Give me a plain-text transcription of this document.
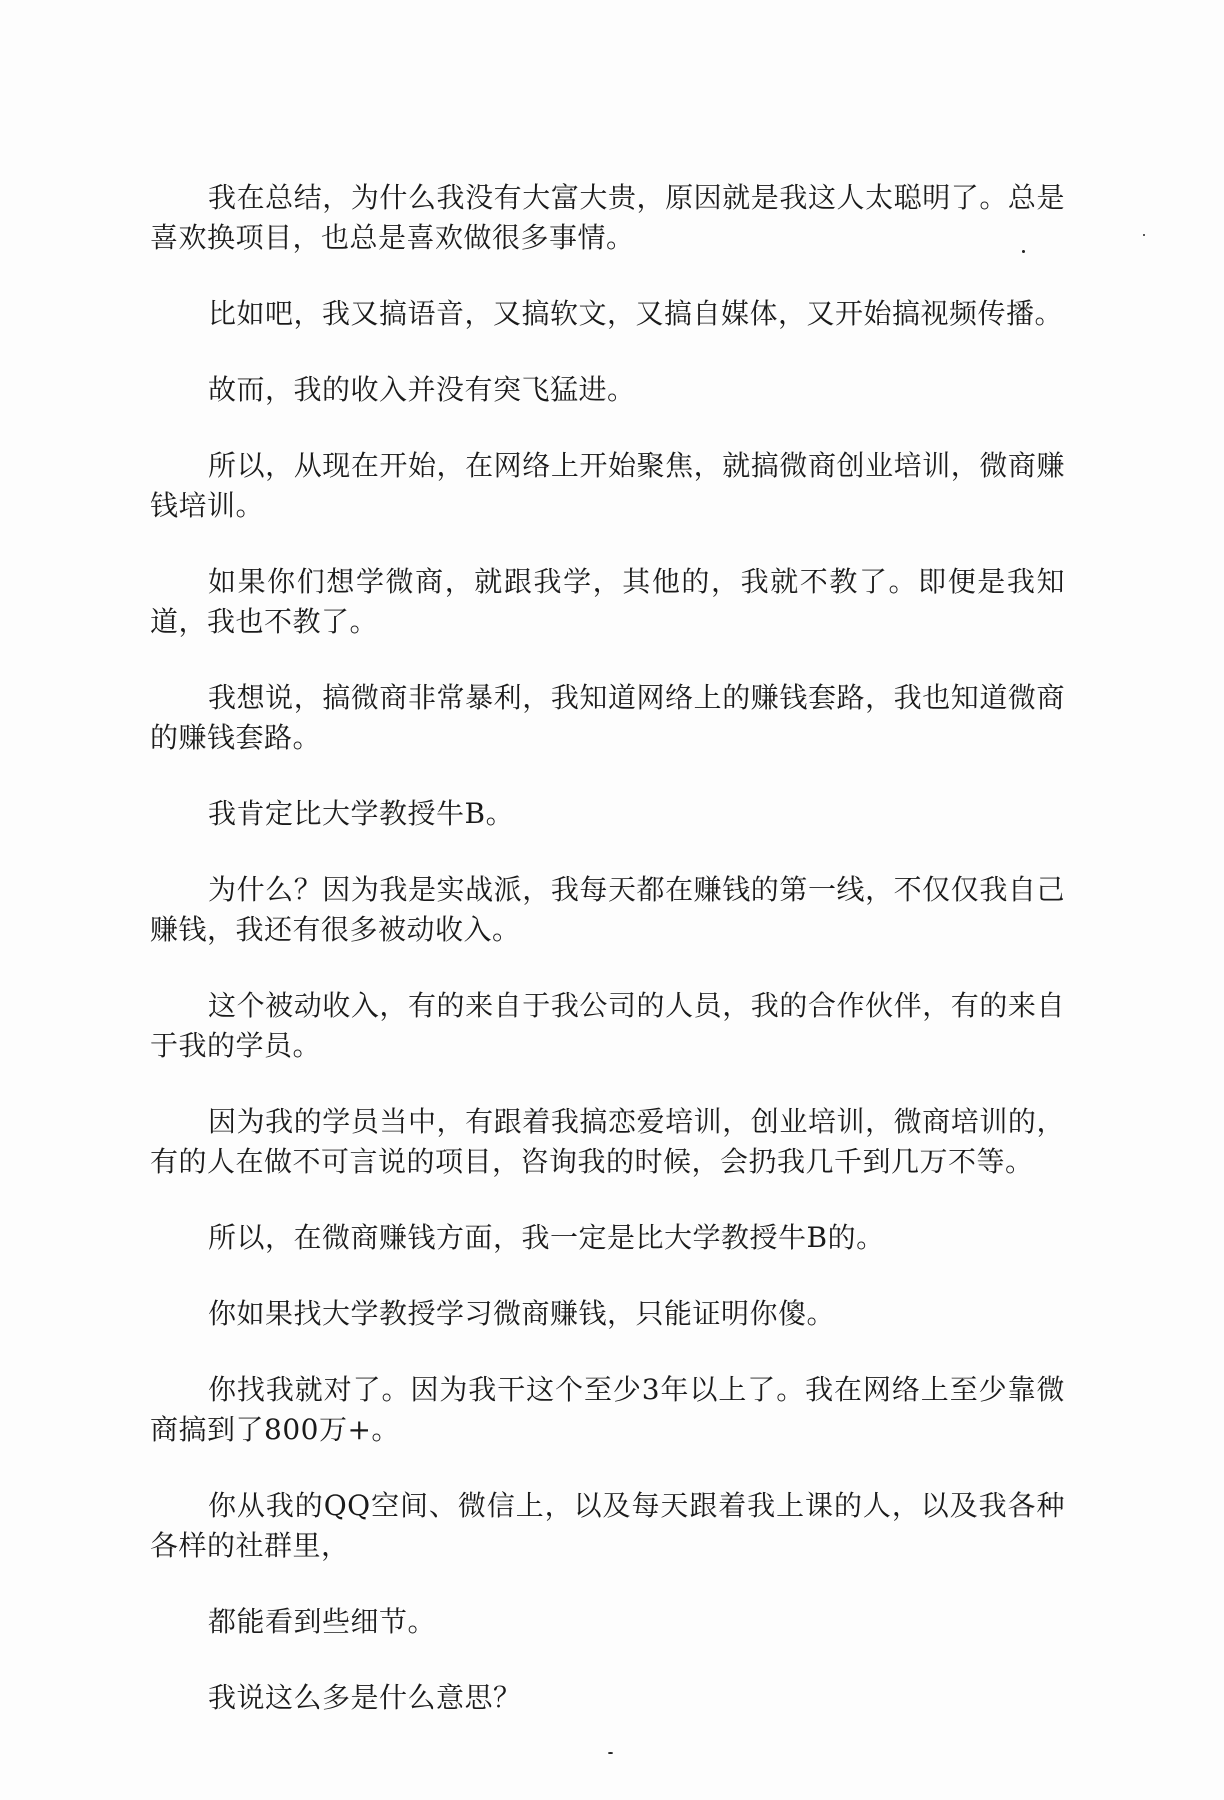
我在总结，为什么我没有大富大贵，原因就是我这人太聪明了。总是喜欢换项目，也总是喜欢做很多事情。

比如吧，我又搞语音，又搞软文，又搞自媒体，又开始搞视频传播。

故而，我的收入并没有突飞猛进。

所以，从现在开始，在网络上开始聚焦，就搞微商创业培训，微商赚钱培训。

如果你们想学微商，就跟我学，其他的，我就不教了。即便是我知道，我也不教了。

我想说，搞微商非常暴利，我知道网络上的赚钱套路，我也知道微商的赚钱套路。

我肯定比大学教授牛B。

为什么？因为我是实战派，我每天都在赚钱的第一线，不仅仅我自己赚钱，我还有很多被动收入。

这个被动收入，有的来自于我公司的人员，我的合作伙伴，有的来自于我的学员。

因为我的学员当中，有跟着我搞恋爱培训，创业培训，微商培训的，有的人在做不可言说的项目，咨询我的时候，会扔我几千到几万不等。

所以，在微商赚钱方面，我一定是比大学教授牛B的。

你如果找大学教授学习微商赚钱，只能证明你傻。

你找我就对了。因为我干这个至少3年以上了。我在网络上至少靠微商搞到了800万+。

你从我的QQ空间、微信上，以及每天跟着我上课的人，以及我各种各样的社群里，

都能看到些细节。

我说这么多是什么意思？
